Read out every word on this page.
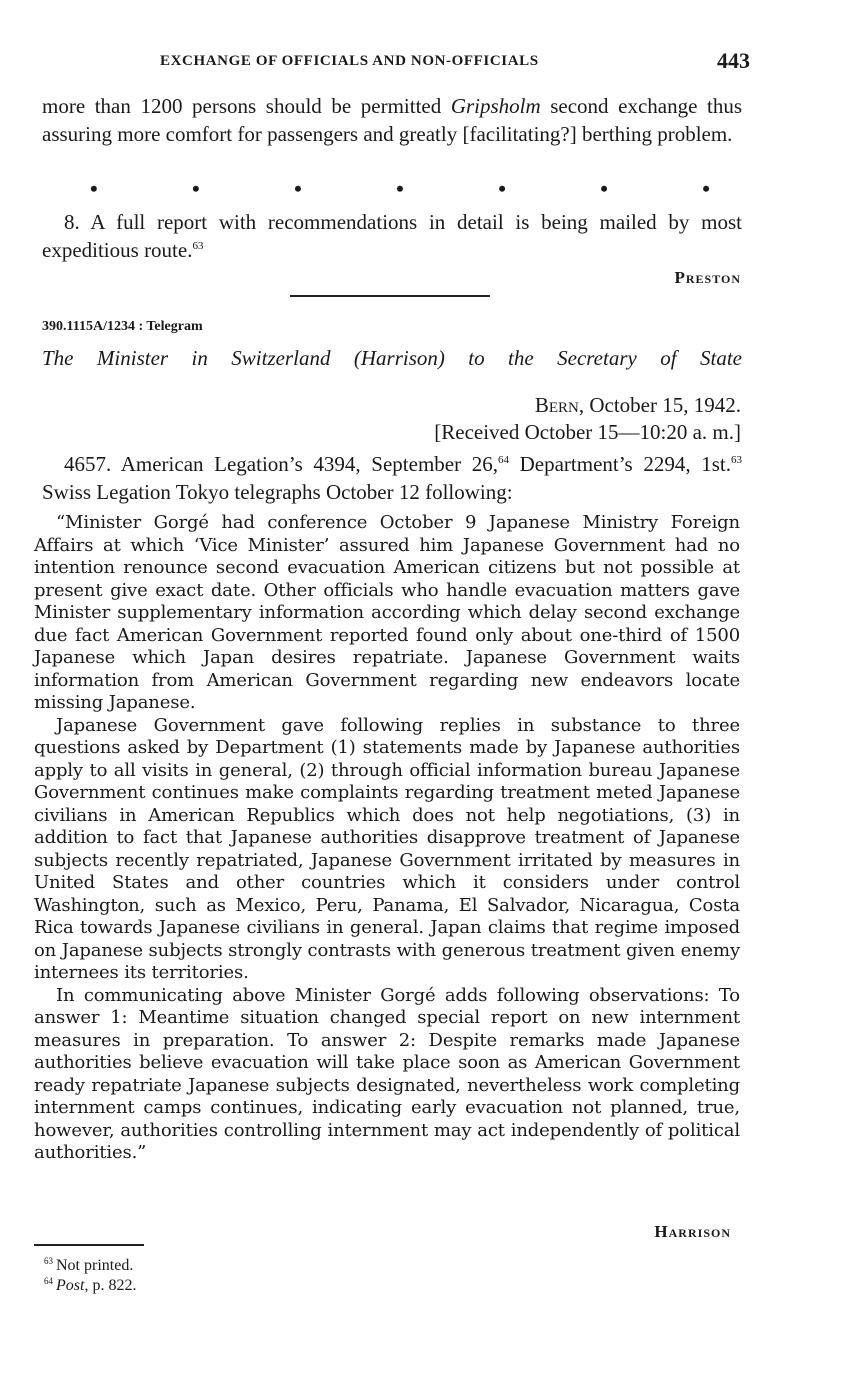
EXCHANGE OF OFFICIALS AND NON-OFFICIALS	443
more than 1200 persons should be permitted Gripsholm second exchange thus assuring more comfort for passengers and greatly [facilitating?] berthing problem.
•	•	•	•	•	•	•
8. A full report with recommendations in detail is being mailed by most expeditious route.$^{63}$
Preston
390.1115A/1234 : Telegram
The Minister in Switzerland (Harrison) to the Secretary of State
Bern, October 15, 1942.
[Received October 15—10:20 a. m.]
4657. American Legation’s 4394, September 26,64 Department’s 2294, 1st.$^{63}$ Swiss Legation Tokyo telegraphs October 12 following:

“Minister Gorgé had conference October 9 Japanese Ministry Foreign Affairs at which ‘Vice Minister’ assured him Japanese Government had no intention renounce second evacuation American citizens but not possible at present give exact date. Other officials who handle evacuation matters gave Minister supplementary information according which delay second exchange due fact American Government reported found only about one-third of 1500 Japanese which Japan desires repatriate. Japanese Government waits information from American Government regarding new endeavors locate missing Japanese.

Japanese Government gave following replies in substance to three questions asked by Department (1) statements made by Japanese authorities apply to all visits in general, (2) through official information bureau Japanese Government continues make complaints regarding treatment meted Japanese civilians in American Republics which does not help negotiations, (3) in addition to fact that Japanese authorities disapprove treatment of Japanese subjects recently repatriated, Japanese Government irritated by measures in United States and other countries which it considers under control Washington, such as Mexico, Peru, Panama, El Salvador, Nicaragua, Costa Rica towards Japanese civilians in general. Japan claims that regime imposed on Japanese subjects strongly contrasts with generous treatment given enemy internees its territories.

In communicating above Minister Gorgé adds following observations: To answer 1: Meantime situation changed special report on new internment measures in preparation. To answer 2: Despite remarks made Japanese authorities believe evacuation will take place soon as American Government ready repatriate Japanese subjects designated, nevertheless work completing internment camps continues, indicating early evacuation not planned, true, however, authorities controlling internment may act independently of political authorities.”

Harrison
$^{63}$ Not printed.
$^{64}$ Post, p. 822.
